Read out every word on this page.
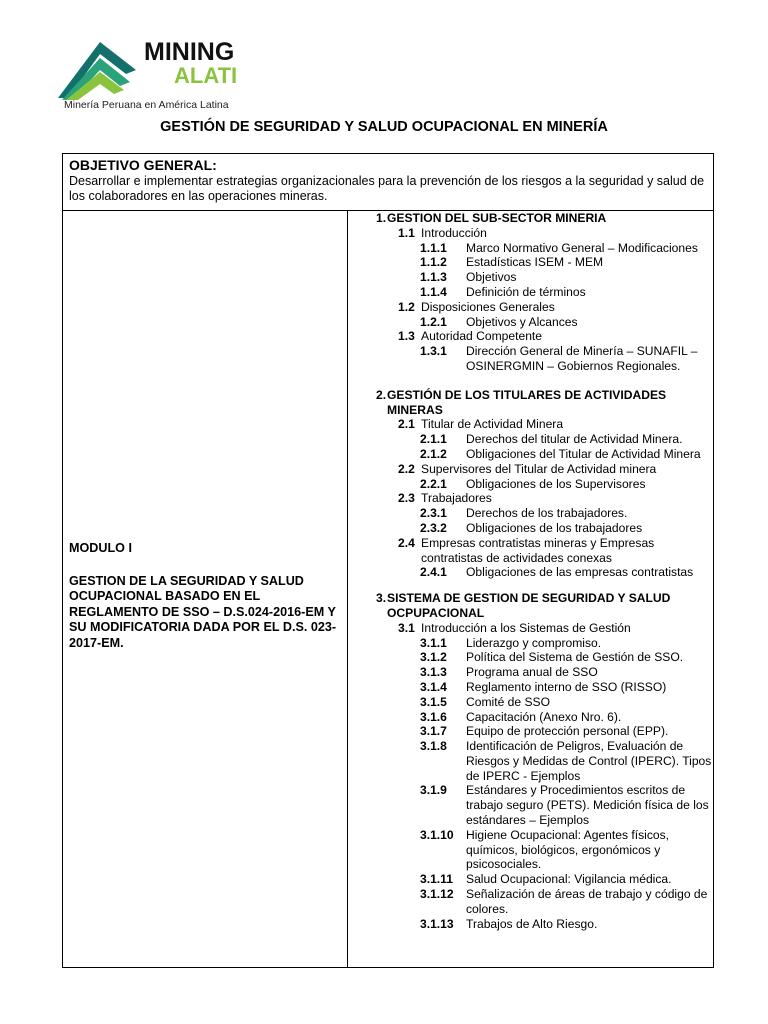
MINING
ALATI
Minería Peruana en América Latina
GESTIÓN DE SEGURIDAD Y SALUD OCUPACIONAL EN MINERÍA
OBJETIVO GENERAL:
Desarrollar e implementar estrategias organizacionales para la prevención de los riesgos a la seguridad y salud de los colaboradores en las operaciones mineras.
MODULO I
GESTION DE LA SEGURIDAD Y SALUD OCUPACIONAL BASADO EN EL REGLAMENTO DE SSO – D.S.024-2016-EM Y SU MODIFICATORIA DADA POR EL D.S. 023-2017-EM.
1. GESTION DEL SUB-SECTOR MINERIA
1.1 Introducción
1.1.1 Marco Normativo General – Modificaciones
1.1.2 Estadísticas ISEM - MEM
1.1.3 Objetivos
1.1.4 Definición de términos
1.2 Disposiciones Generales
1.2.1 Objetivos y Alcances
1.3 Autoridad Competente
1.3.1 Dirección General de Minería – SUNAFIL – OSINERGMIN – Gobiernos Regionales.
2. GESTIÓN DE LOS TITULARES DE ACTIVIDADES MINERAS
2.1 Titular de Actividad Minera
2.1.1 Derechos del titular de Actividad Minera.
2.1.2 Obligaciones del Titular de Actividad Minera
2.2 Supervisores del Titular de Actividad minera
2.2.1 Obligaciones de los Supervisores
2.3 Trabajadores
2.3.1 Derechos de los trabajadores.
2.3.2 Obligaciones de los trabajadores
2.4 Empresas contratistas mineras y Empresas contratistas de actividades conexas
2.4.1 Obligaciones de las empresas contratistas
3. SISTEMA DE GESTION DE SEGURIDAD Y SALUD OCPUPACIONAL
3.1 Introducción a los Sistemas de Gestión
3.1.1 Liderazgo y compromiso.
3.1.2 Política del Sistema de Gestión de SSO.
3.1.3 Programa anual de SSO
3.1.4 Reglamento interno de SSO (RISSO)
3.1.5 Comité de SSO
3.1.6 Capacitación (Anexo Nro. 6).
3.1.7 Equipo de protección personal (EPP).
3.1.8 Identificación de Peligros, Evaluación de Riesgos y Medidas de Control (IPERC). Tipos de IPERC - Ejemplos
3.1.9 Estándares y Procedimientos escritos de trabajo seguro (PETS). Medición física de los estándares – Ejemplos
3.1.10 Higiene Ocupacional: Agentes físicos, químicos, biológicos, ergonómicos y psicosociales.
3.1.11 Salud Ocupacional: Vigilancia médica.
3.1.12 Señalización de áreas de trabajo y código de colores.
3.1.13 Trabajos de Alto Riesgo.
